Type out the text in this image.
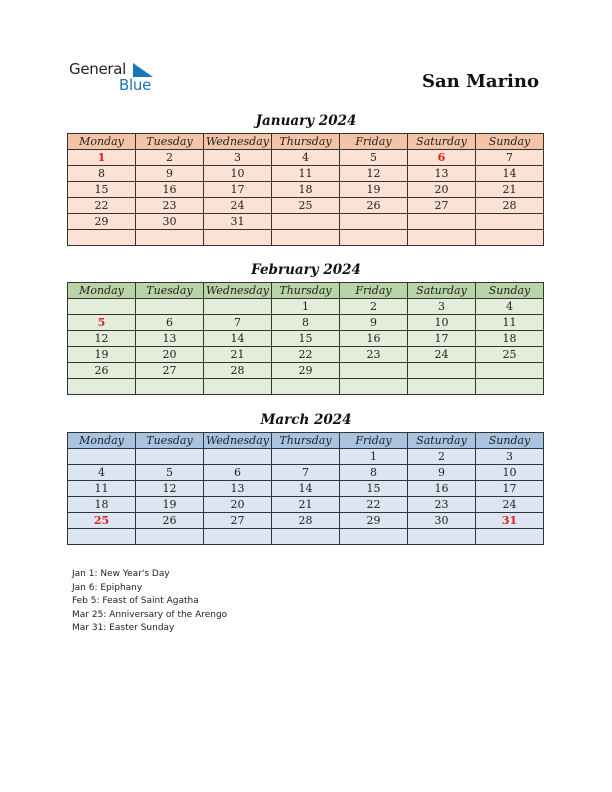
General
Blue	San Marino
January 2024
Monday	Tuesday	Wednesday	Thursday	Friday	Saturday	Sunday
1	2	3	4	5	6	7
8	9	10	11	12	13	14
15	16	17	18	19	20	21
22	23	24	25	26	27	28
29	30	31				

February 2024
Monday	Tuesday	Wednesday	Thursday	Friday	Saturday	Sunday
			1	2	3	4
5	6	7	8	9	10	11
12	13	14	15	16	17	18
19	20	21	22	23	24	25
26	27	28	29			

March 2024
Monday	Tuesday	Wednesday	Thursday	Friday	Saturday	Sunday
				1	2	3
4	5	6	7	8	9	10
11	12	13	14	15	16	17
18	19	20	21	22	23	24
25	26	27	28	29	30	31

Jan 1: New Year's Day
Jan 6: Epiphany
Feb 5: Feast of Saint Agatha
Mar 25: Anniversary of the Arengo
Mar 31: Easter Sunday
